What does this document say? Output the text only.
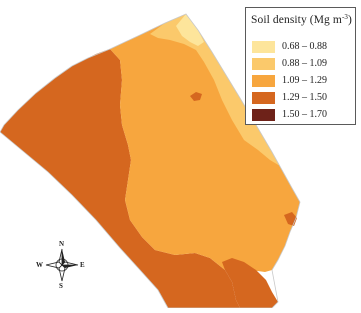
Soil density (Mg $m^{-3}$)
0.68 – 0.88
0.88 – 1.09
1.09 – 1.29
1.29 – 1.50
1.50 – 1.70
N
S
E
W
